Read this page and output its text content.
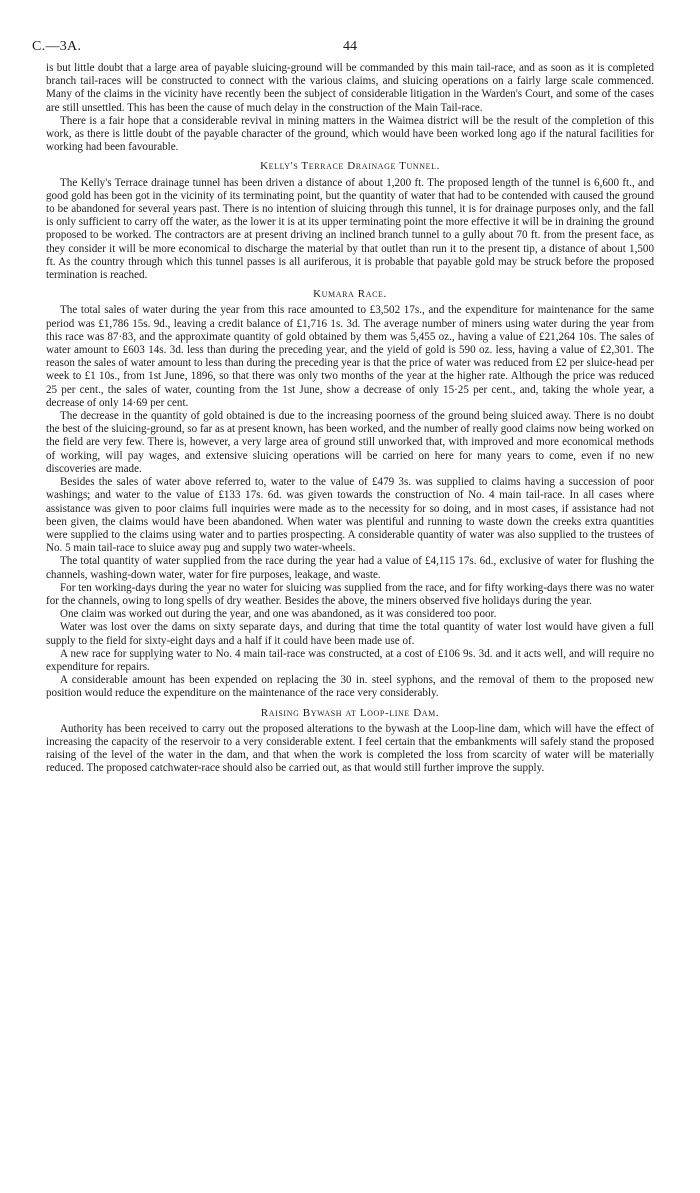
C.—3A.	44

is but little doubt that a large area of payable sluicing-ground will be commanded by this main tail-race, and as soon as it is completed branch tail-races will be constructed to connect with the various claims, and sluicing operations on a fairly large scale commenced. Many of the claims in the vicinity have recently been the subject of considerable litigation in the Warden's Court, and some of the cases are still unsettled. This has been the cause of much delay in the construction of the Main Tail-race.

There is a fair hope that a considerable revival in mining matters in the Waimea district will be the result of the completion of this work, as there is little doubt of the payable character of the ground, which would have been worked long ago if the natural facilities for working had been favourable.

Kelly's Terrace Drainage Tunnel.

The Kelly's Terrace drainage tunnel has been driven a distance of about 1,200 ft. The proposed length of the tunnel is 6,600 ft., and good gold has been got in the vicinity of its terminating point, but the quantity of water that had to be contended with caused the ground to be abandoned for several years past. There is no intention of sluicing through this tunnel, it is for drainage purposes only, and the fall is only sufficient to carry off the water, as the lower it is at its upper terminating point the more effective it will be in draining the ground proposed to be worked. The contractors are at present driving an inclined branch tunnel to a gully about 70 ft. from the present face, as they consider it will be more economical to discharge the material by that outlet than run it to the present tip, a distance of about 1,500 ft. As the country through which this tunnel passes is all auriferous, it is probable that payable gold may be struck before the proposed termination is reached.

Kumara Race.

The total sales of water during the year from this race amounted to £3,502 17s., and the expenditure for maintenance for the same period was £1,786 15s. 9d., leaving a credit balance of £1,716 1s. 3d. The average number of miners using water during the year from this race was 87·83, and the approximate quantity of gold obtained by them was 5,455 oz., having a value of £21,264 10s. The sales of water amount to £603 14s. 3d. less than during the preceding year, and the yield of gold is 590 oz. less, having a value of £2,301. The reason the sales of water amount to less than during the preceding year is that the price of water was reduced from £2 per sluice-head per week to £1 10s., from 1st June, 1896, so that there was only two months of the year at the higher rate. Although the price was reduced 25 per cent., the sales of water, counting from the 1st June, show a decrease of only 15·25 per cent., and, taking the whole year, a decrease of only 14·69 per cent.

The decrease in the quantity of gold obtained is due to the increasing poorness of the ground being sluiced away. There is no doubt the best of the sluicing-ground, so far as at present known, has been worked, and the number of really good claims now being worked on the field are very few. There is, however, a very large area of ground still unworked that, with improved and more economical methods of working, will pay wages, and extensive sluicing operations will be carried on here for many years to come, even if no new discoveries are made.

Besides the sales of water above referred to, water to the value of £479 3s. was supplied to claims having a succession of poor washings; and water to the value of £133 17s. 6d. was given towards the construction of No. 4 main tail-race. In all cases where assistance was given to poor claims full inquiries were made as to the necessity for so doing, and in most cases, if assistance had not been given, the claims would have been abandoned. When water was plentiful and running to waste down the creeks extra quantities were supplied to the claims using water and to parties prospecting. A considerable quantity of water was also supplied to the trustees of No. 5 main tail-race to sluice away pug and supply two water-wheels.

The total quantity of water supplied from the race during the year had a value of £4,115 17s. 6d., exclusive of water for flushing the channels, washing-down water, water for fire purposes, leakage, and waste.

For ten working-days during the year no water for sluicing was supplied from the race, and for fifty working-days there was no water for the channels, owing to long spells of dry weather. Besides the above, the miners observed five holidays during the year.

One claim was worked out during the year, and one was abandoned, as it was considered too poor.

Water was lost over the dams on sixty separate days, and during that time the total quantity of water lost would have given a full supply to the field for sixty-eight days and a half if it could have been made use of.

A new race for supplying water to No. 4 main tail-race was constructed, at a cost of £106 9s. 3d. and it acts well, and will require no expenditure for repairs.

A considerable amount has been expended on replacing the 30 in. steel syphons, and the removal of them to the proposed new position would reduce the expenditure on the maintenance of the race very considerably.

Raising Bywash at Loop-line Dam.

Authority has been received to carry out the proposed alterations to the bywash at the Loop-line dam, which will have the effect of increasing the capacity of the reservoir to a very considerable extent. I feel certain that the embankments will safely stand the proposed raising of the level of the water in the dam, and that when the work is completed the loss from scarcity of water will be materially reduced. The proposed catchwater-race should also be carried out, as that would still further improve the supply.
